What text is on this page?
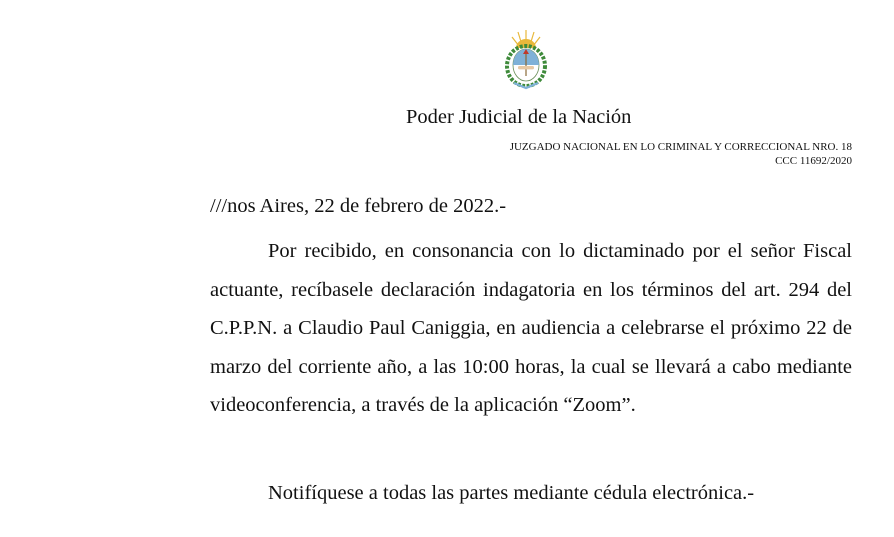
Poder Judicial de la Nación
JUZGADO NACIONAL EN LO CRIMINAL Y CORRECCIONAL NRO. 18
CCC 11692/2020
///nos Aires, 22 de febrero de 2022.-

Por recibido, en consonancia con lo dictaminado por el señor Fiscal actuante, recíbasele declaración indagatoria en los términos del art. 294 del C.P.P.N. a Claudio Paul Caniggia, en audiencia a celebrarse el próximo 22 de marzo del corriente año, a las 10:00 horas, la cual se llevará a cabo mediante videoconferencia, a través de la aplicación “Zoom”.

Notifíquese a todas las partes mediante cédula electrónica.-
